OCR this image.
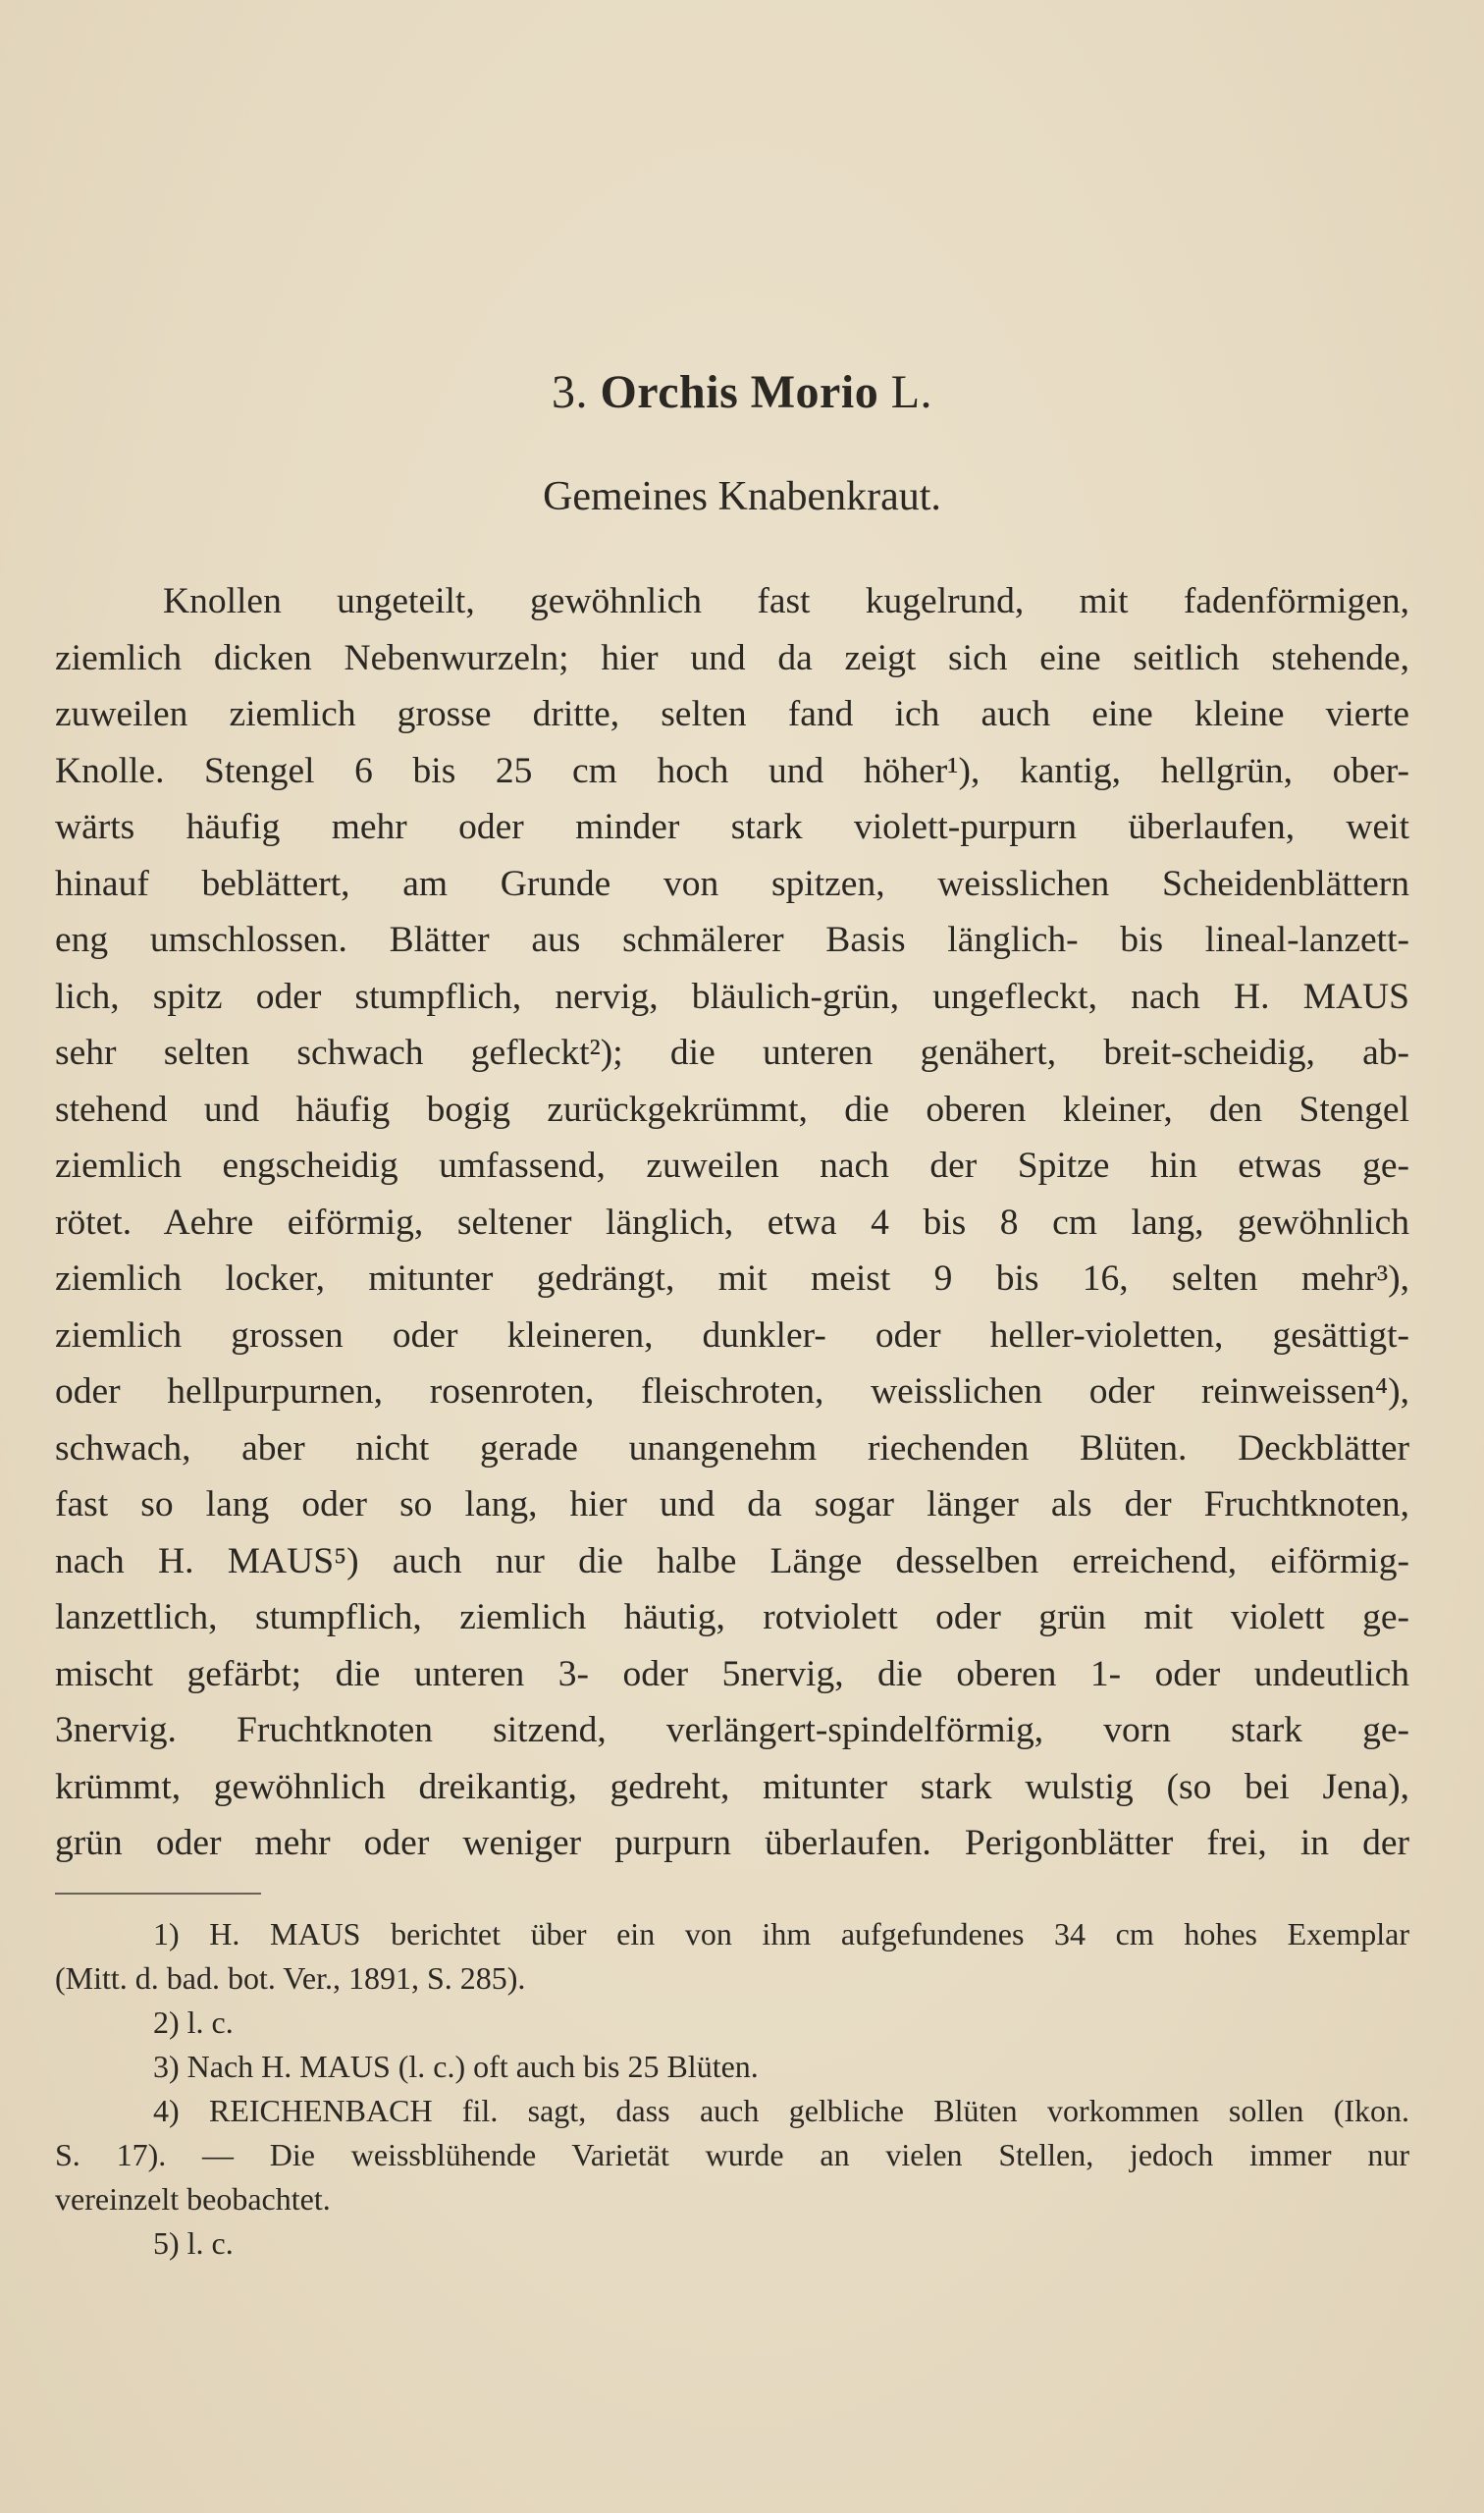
3. Orchis Morio L.
Gemeines Knabenkraut.
Knollen ungeteilt, gewöhnlich fast kugelrund, mit fadenförmigen,
ziemlich dicken Nebenwurzeln; hier und da zeigt sich eine seitlich stehende,
zuweilen ziemlich grosse dritte, selten fand ich auch eine kleine vierte
Knolle. Stengel 6 bis 25 cm hoch und höher¹), kantig, hellgrün, ober-
wärts häufig mehr oder minder stark violett-purpurn überlaufen, weit
hinauf beblättert, am Grunde von spitzen, weisslichen Scheidenblättern
eng umschlossen. Blätter aus schmälerer Basis länglich- bis lineal-lanzett-
lich, spitz oder stumpflich, nervig, bläulich-grün, ungefleckt, nach H. MAUS
sehr selten schwach gefleckt²); die unteren genähert, breit-scheidig, ab-
stehend und häufig bogig zurückgekrümmt, die oberen kleiner, den Stengel
ziemlich engscheidig umfassend, zuweilen nach der Spitze hin etwas ge-
rötet. Aehre eiförmig, seltener länglich, etwa 4 bis 8 cm lang, gewöhnlich
ziemlich locker, mitunter gedrängt, mit meist 9 bis 16, selten mehr³),
ziemlich grossen oder kleineren, dunkler- oder heller-violetten, gesättigt-
oder hellpurpurnen, rosenroten, fleischroten, weisslichen oder reinweissen⁴),
schwach, aber nicht gerade unangenehm riechenden Blüten. Deckblätter
fast so lang oder so lang, hier und da sogar länger als der Fruchtknoten,
nach H. MAUS⁵) auch nur die halbe Länge desselben erreichend, eiförmig-
lanzettlich, stumpflich, ziemlich häutig, rotviolett oder grün mit violett ge-
mischt gefärbt; die unteren 3- oder 5nervig, die oberen 1- oder undeutlich
3nervig. Fruchtknoten sitzend, verlängert-spindelförmig, vorn stark ge-
krümmt, gewöhnlich dreikantig, gedreht, mitunter stark wulstig (so bei Jena),
grün oder mehr oder weniger purpurn überlaufen. Perigonblätter frei, in der
1) H. MAUS berichtet über ein von ihm aufgefundenes 34 cm hohes Exemplar
(Mitt. d. bad. bot. Ver., 1891, S. 285).
2) l. c.
3) Nach H. MAUS (l. c.) oft auch bis 25 Blüten.
4) REICHENBACH fil. sagt, dass auch gelbliche Blüten vorkommen sollen (Ikon.
S. 17). — Die weissblühende Varietät wurde an vielen Stellen, jedoch immer nur
vereinzelt beobachtet.
5) l. c.
